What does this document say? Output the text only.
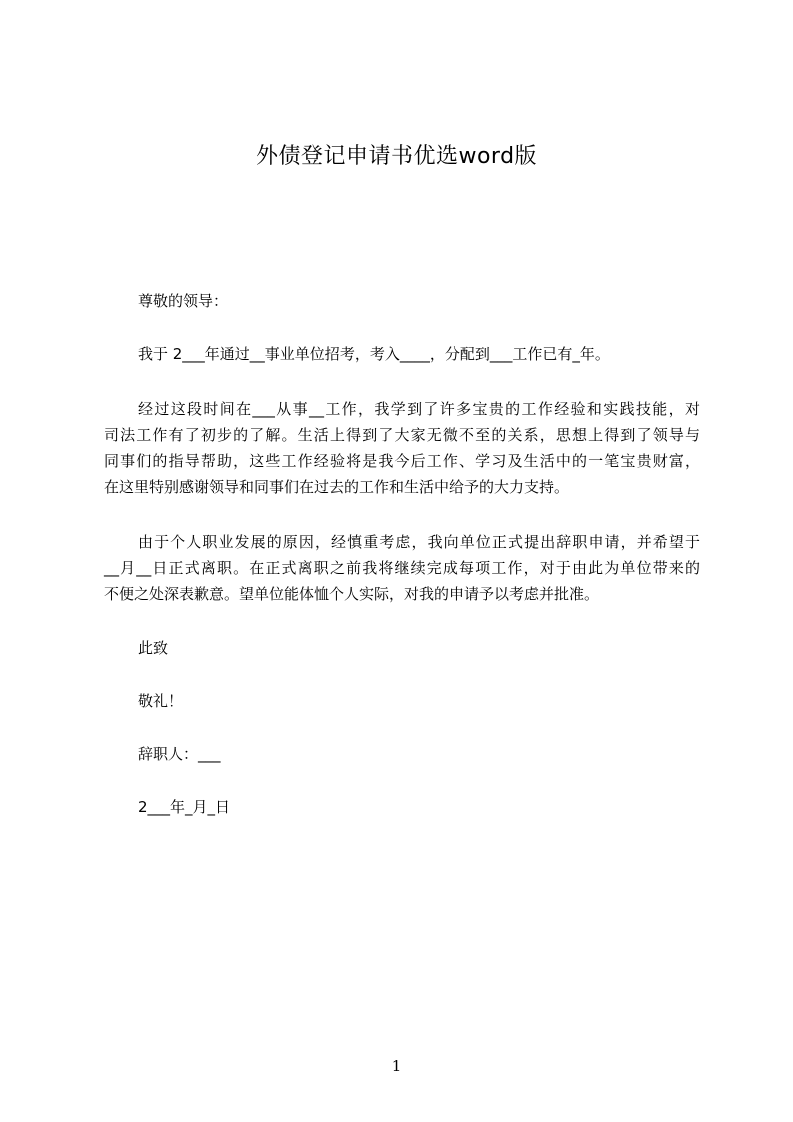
外债登记申请书优选word版
尊敬的领导：
我于 2___年通过__事业单位招考，考入____，分配到___工作已有_年。
经过这段时间在___从事__工作，我学到了许多宝贵的工作经验和实践技能，对
司法工作有了初步的了解。生活上得到了大家无微不至的关系，思想上得到了领导与
同事们的指导帮助，这些工作经验将是我今后工作、学习及生活中的一笔宝贵财富，
在这里特别感谢领导和同事们在过去的工作和生活中给予的大力支持。
由于个人职业发展的原因，经慎重考虑，我向单位正式提出辞职申请，并希望于
__月__日正式离职。在正式离职之前我将继续完成每项工作，对于由此为单位带来的
不便之处深表歉意。望单位能体恤个人实际，对我的申请予以考虑并批准。
此致
敬礼！
辞职人：___
2___年_月_日
1
